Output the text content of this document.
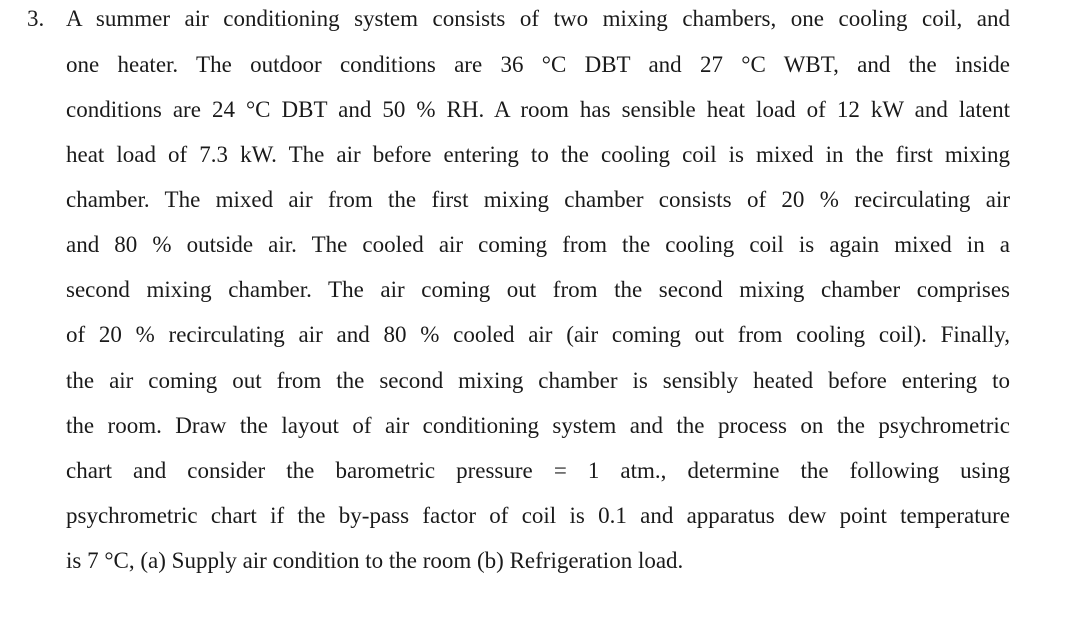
3. A summer air conditioning system consists of two mixing chambers, one cooling coil, and
one heater. The outdoor conditions are 36 °C DBT and 27 °C WBT, and the inside
conditions are 24 °C DBT and 50 % RH. A room has sensible heat load of 12 kW and latent
heat load of 7.3 kW. The air before entering to the cooling coil is mixed in the first mixing
chamber. The mixed air from the first mixing chamber consists of 20 % recirculating air
and 80 % outside air. The cooled air coming from the cooling coil is again mixed in a
second mixing chamber. The air coming out from the second mixing chamber comprises
of 20 % recirculating air and 80 % cooled air (air coming out from cooling coil). Finally,
the air coming out from the second mixing chamber is sensibly heated before entering to
the room. Draw the layout of air conditioning system and the process on the psychrometric
chart and consider the barometric pressure = 1 atm., determine the following using
psychrometric chart if the by-pass factor of coil is 0.1 and apparatus dew point temperature
is 7 °C, (a) Supply air condition to the room (b) Refrigeration load.
